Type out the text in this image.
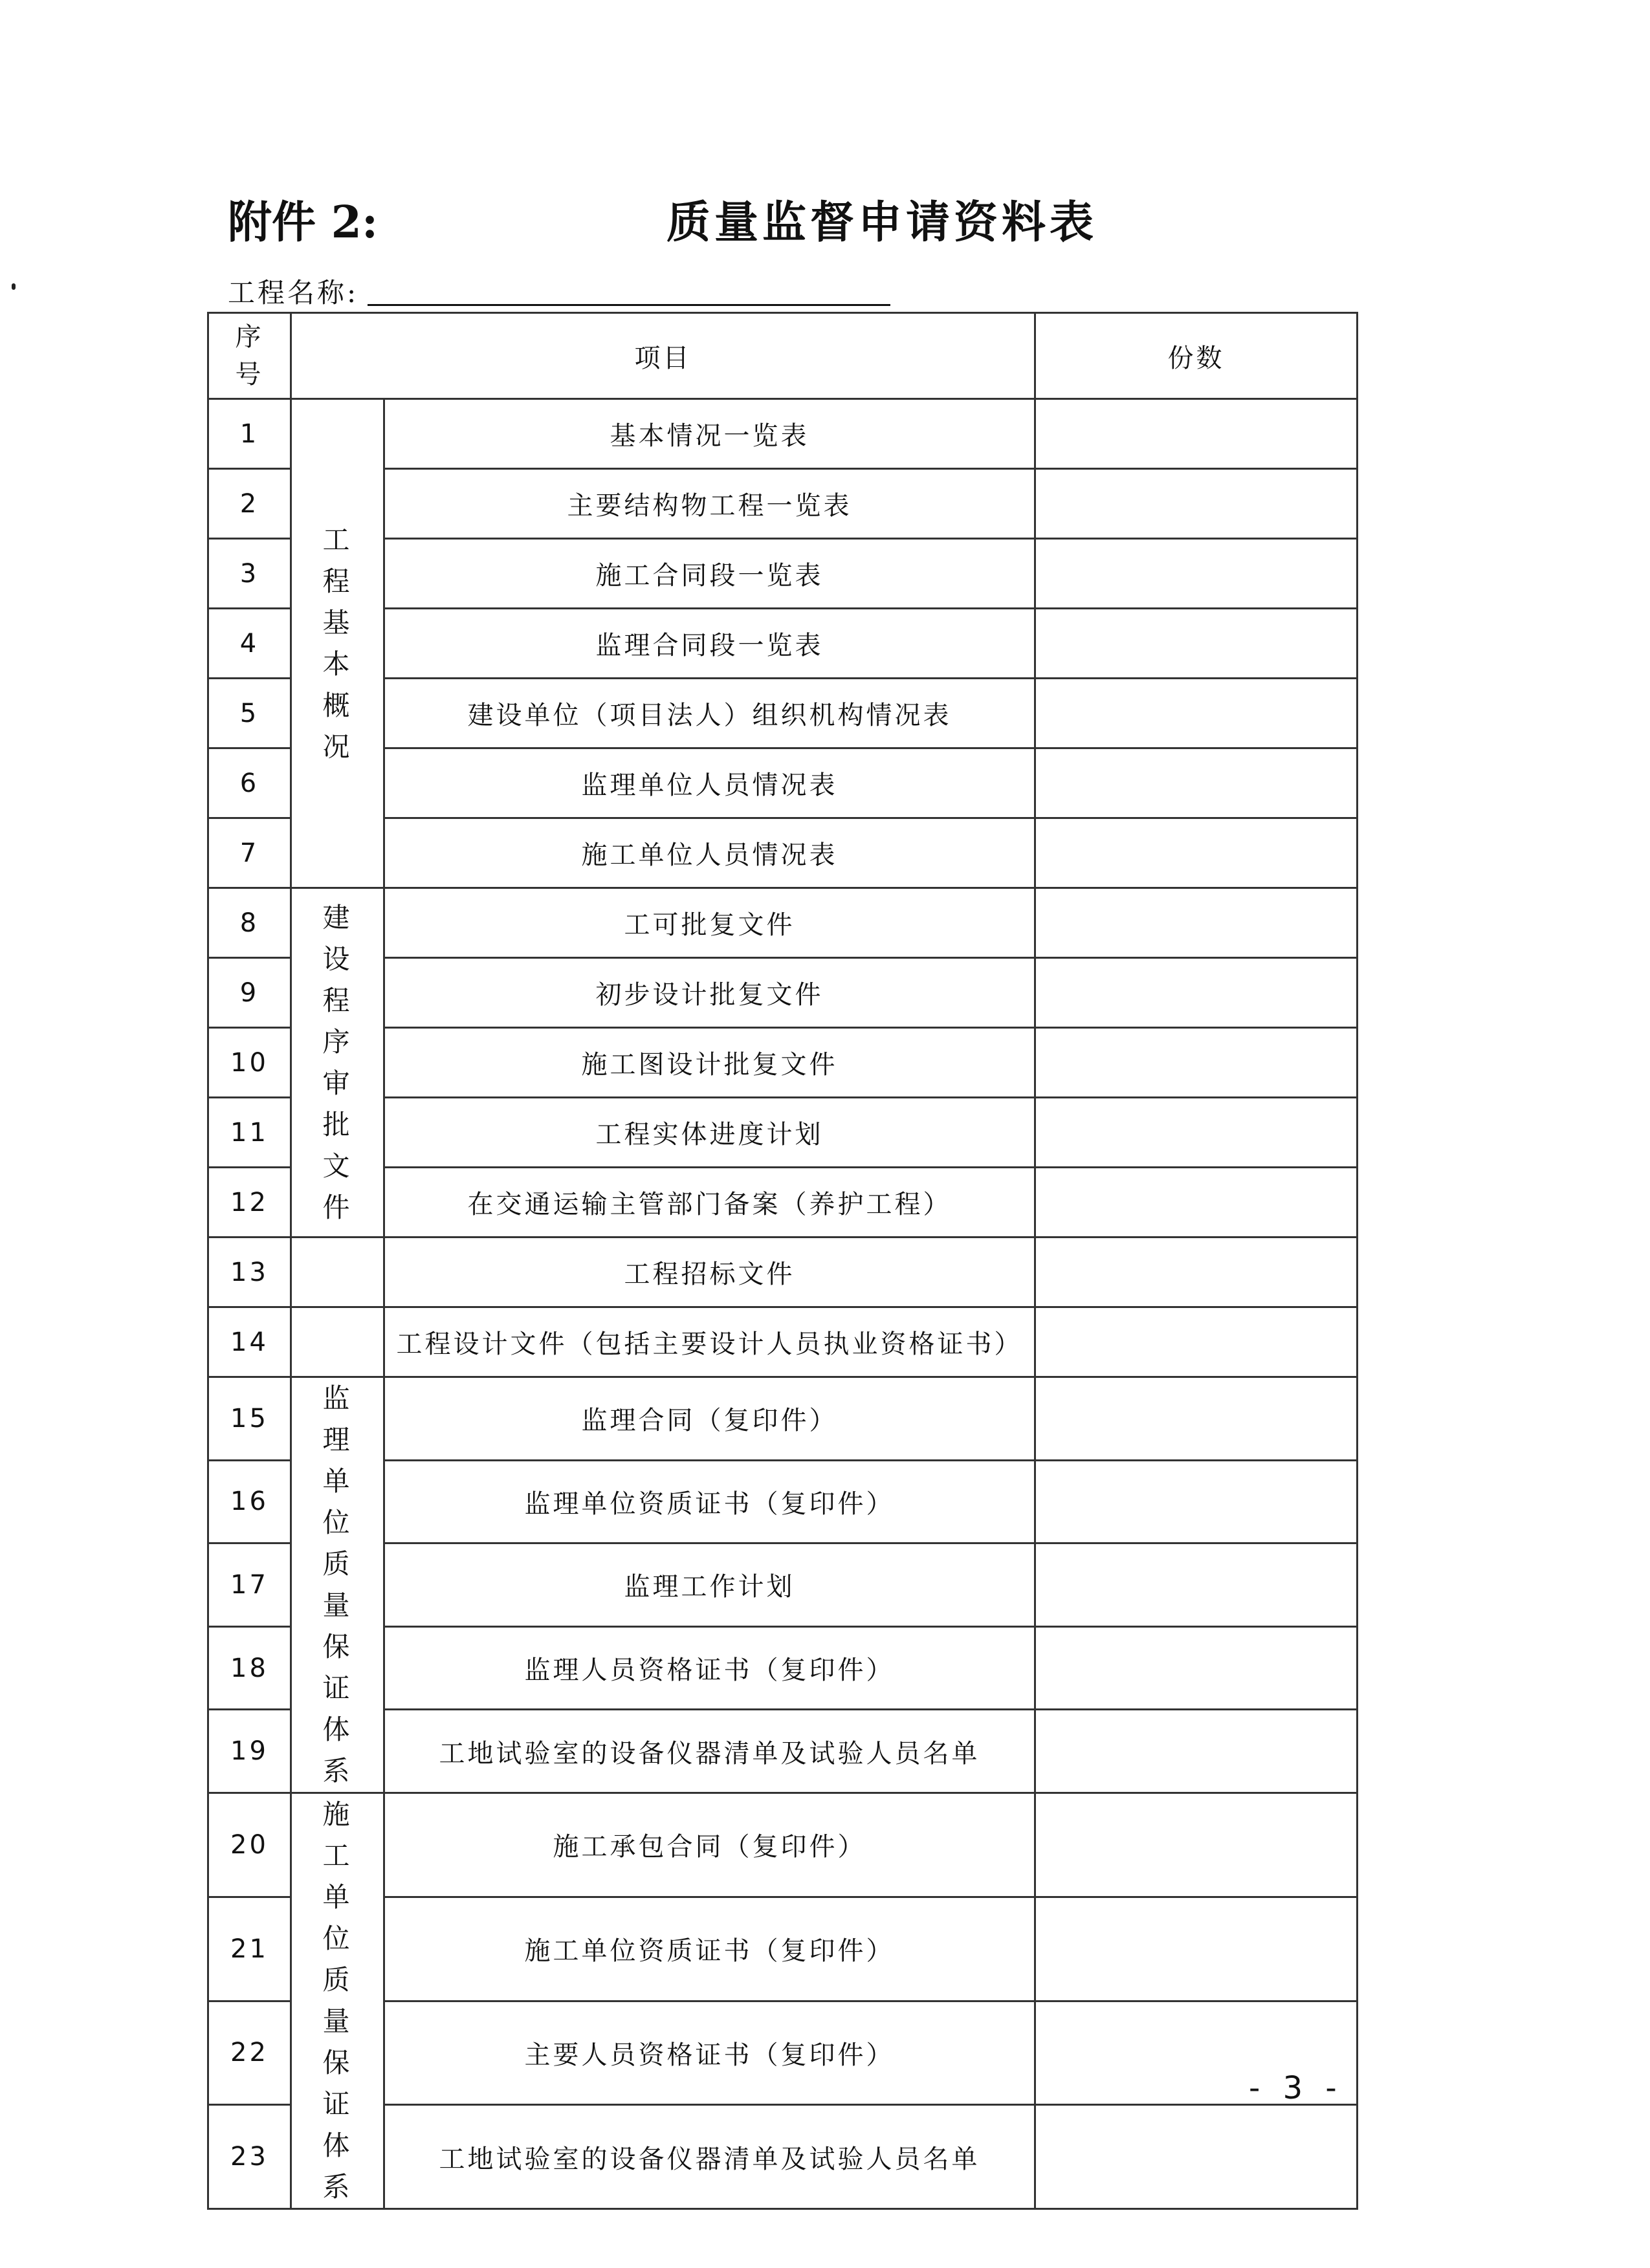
附件 2:	质量监督申请资料表
工程名称:
序号	项目		份数
1	工程基本概况	基本情况一览表	
2		主要结构物工程一览表	
3		施工合同段一览表	
4		监理合同段一览表	
5		建设单位（项目法人）组织机构情况表	
6		监理单位人员情况表	
7		施工单位人员情况表	
8	建设程序审批文件	工可批复文件	
9		初步设计批复文件	
10		施工图设计批复文件	
11		工程实体进度计划	
12		在交通运输主管部门备案（养护工程）	
13		工程招标文件	
14		工程设计文件（包括主要设计人员执业资格证书）	
15	监理单位质量保证体系	监理合同（复印件）	
16		监理单位资质证书（复印件）	
17		监理工作计划	
18		监理人员资格证书（复印件）	
19		工地试验室的设备仪器清单及试验人员名单	
20	施工单位质量保证体系	施工承包合同（复印件）	
21		施工单位资质证书（复印件）	
22		主要人员资格证书（复印件）	
23		工地试验室的设备仪器清单及试验人员名单	
- 3 -
